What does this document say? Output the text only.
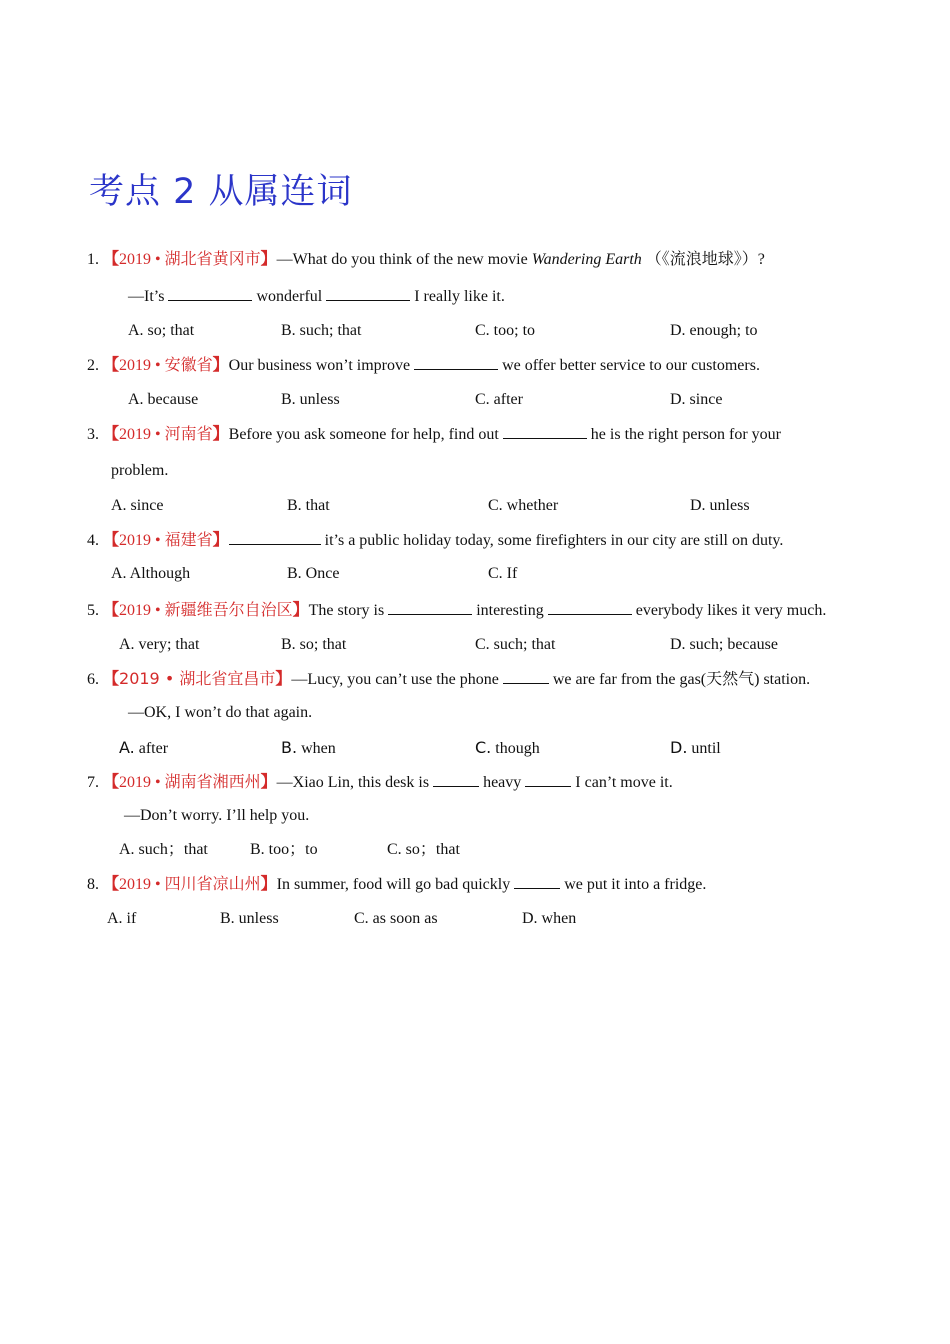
考点 2 从属连词
1. 【2019 • 湖北省黄冈市】—What do you think of the new movie Wandering Earth （《流浪地球》）?
—It’s	wonderful	I really like it.
A. so; that	B. such; that	C. too; to	D. enough; to
2. 【2019 • 安徽省】Our business won’t improve	we offer better service to our customers.
A. because	B. unless	C. after	D. since
3. 【2019 • 河南省】Before you ask someone for help, find out	he is the right person for your
problem.
A. since	B. that	C. whether	D. unless
4. 【2019 • 福建省】	it’s a public holiday today, some firefighters in our city are still on duty.
A. Although	B. Once	C. If
5. 【2019 • 新疆维吾尔自治区】The story is	interesting	everybody likes it very much.
A. very; that	B. so; that	C. such; that	D. such; because
6. 【2019 • 湖北省宜昌市】—Lucy, you can’t use the phone	we are far from the gas(天然气) station.
—OK, I won’t do that again.
A. after	B. when	C. though	D. until
7. 【2019 • 湖南省湘西州】—Xiao Lin, this desk is	heavy	I can’t move it.
—Don’t worry. I’ll help you.
A. such；that	B. too；to	C. so；that
8. 【2019 • 四川省凉山州】In summer, food will go bad quickly	we put it into a fridge.
A. if	B. unless	C. as soon as	D. when
